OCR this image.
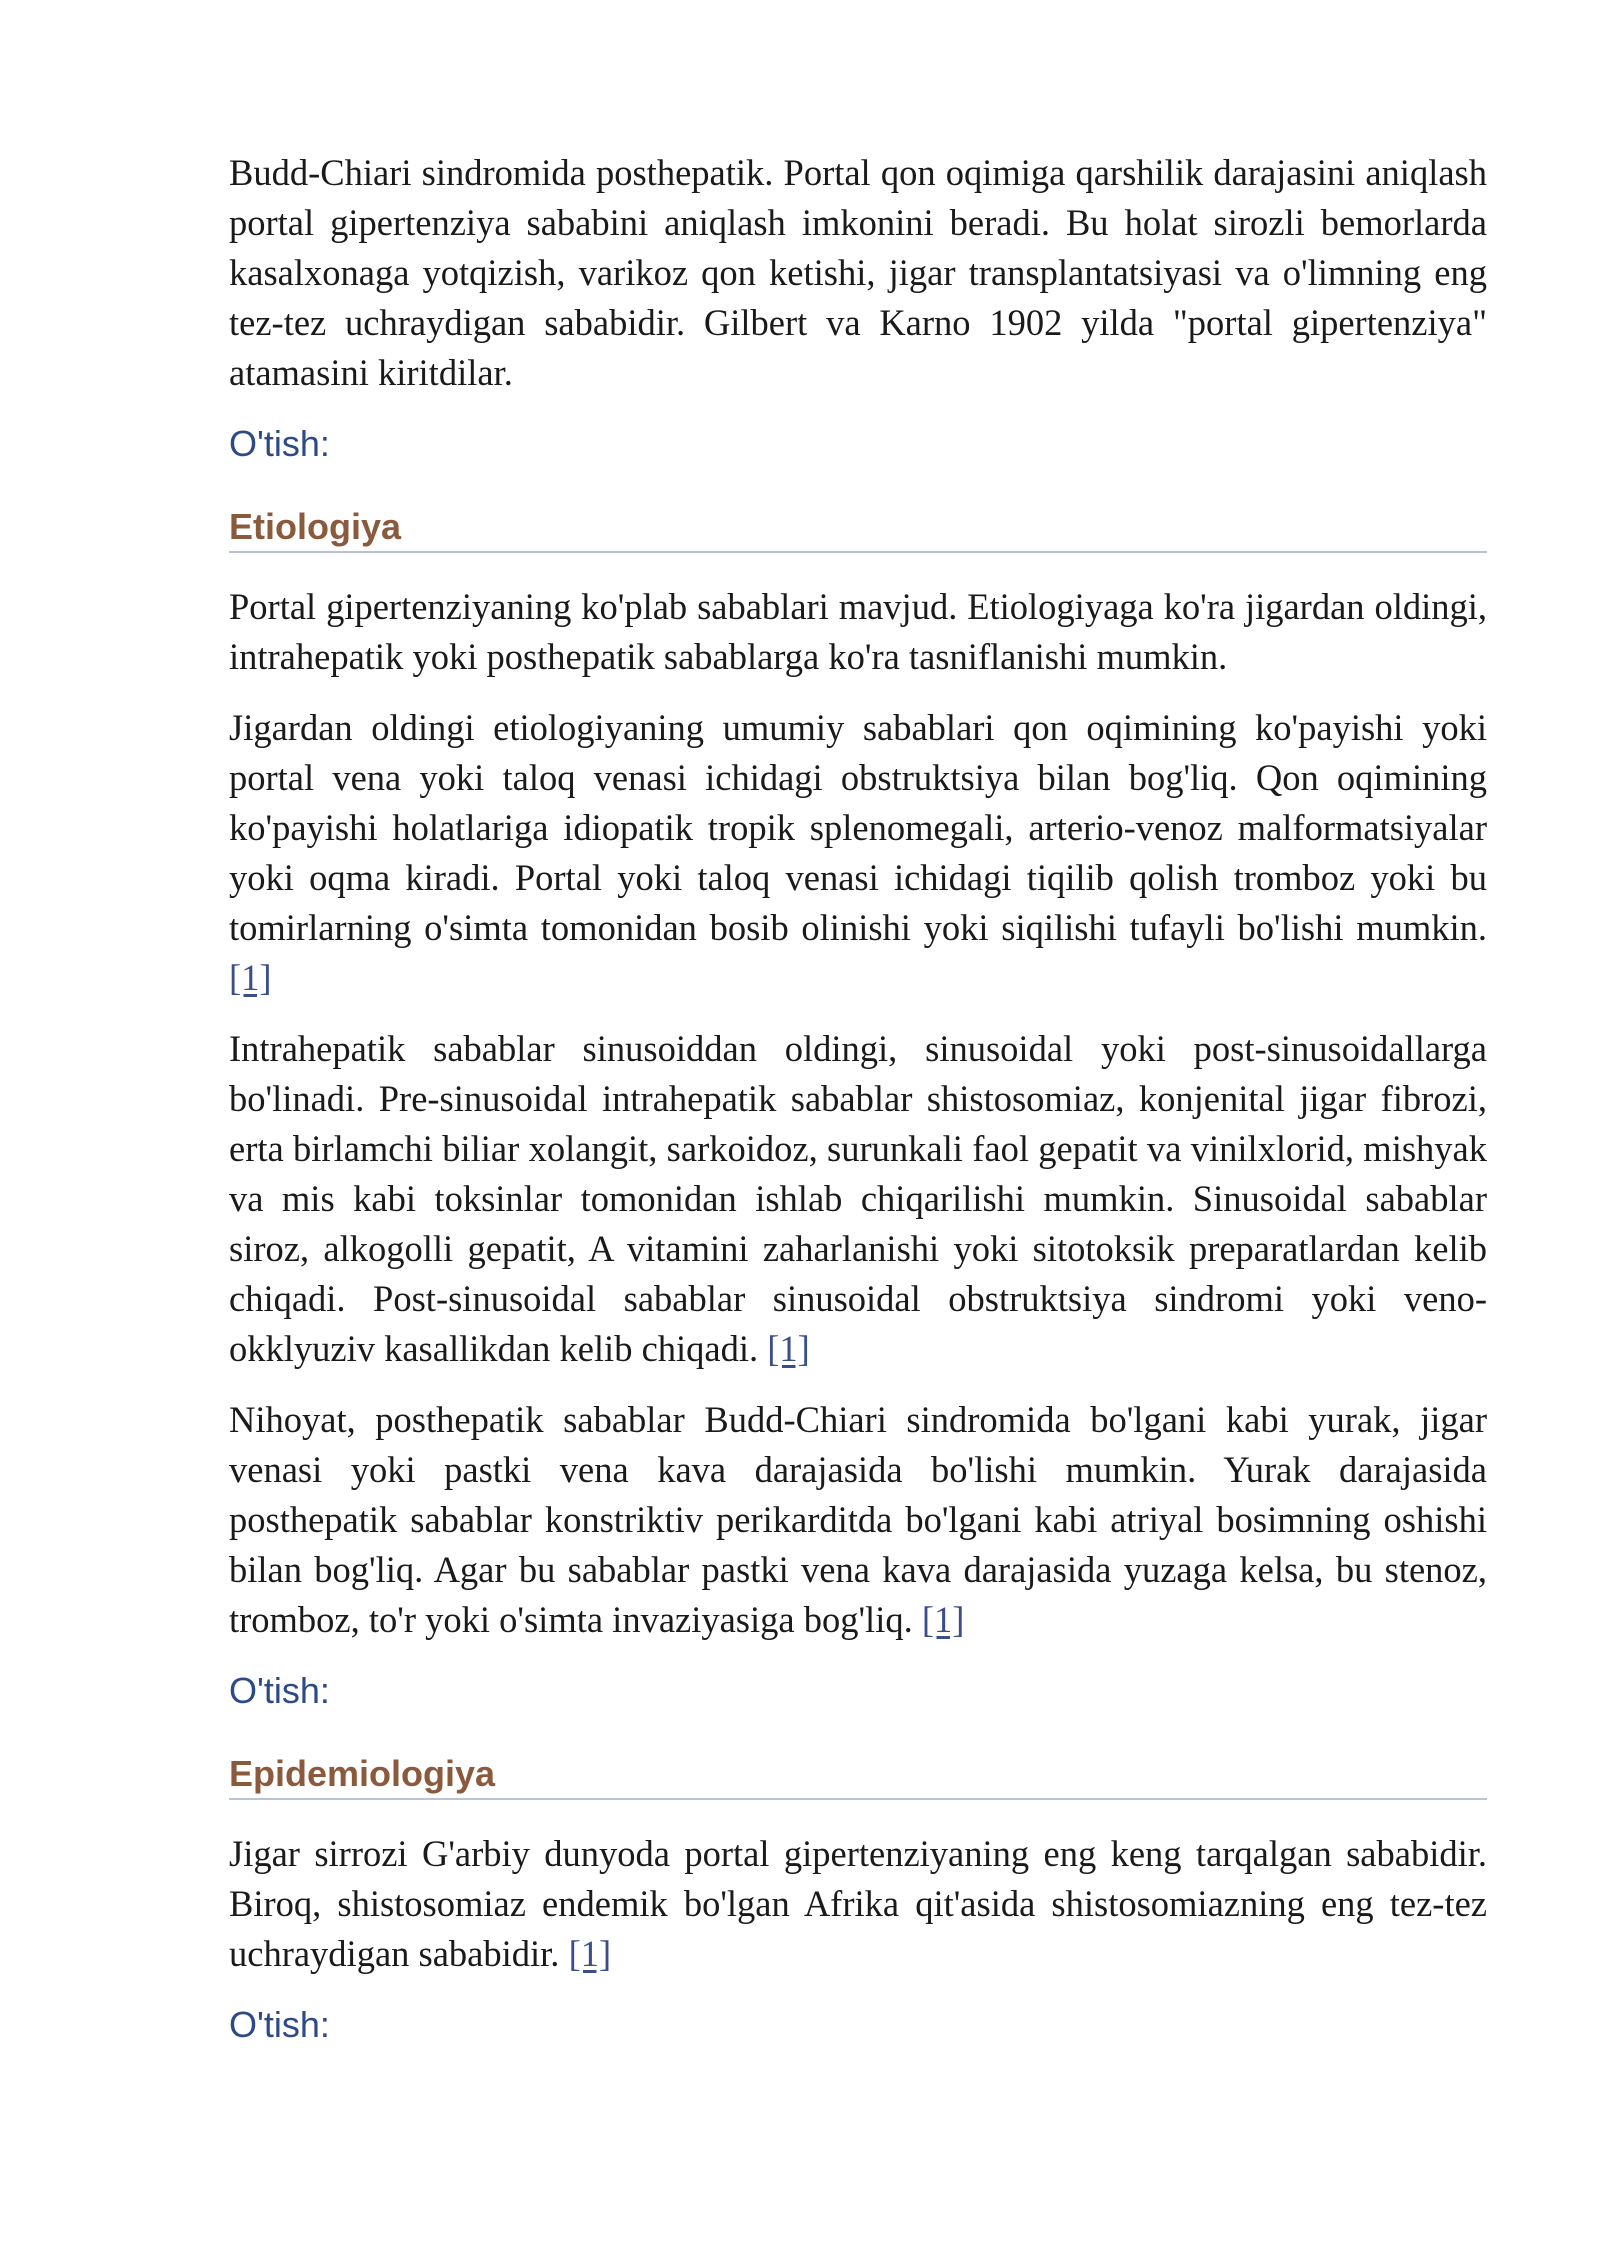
Budd-Chiari sindromida posthepatik. Portal qon oqimiga qarshilik darajasini aniqlash portal gipertenziya sababini aniqlash imkonini beradi. Bu holat sirozli bemorlarda kasalxonaga yotqizish, varikoz qon ketishi, jigar transplantatsiyasi va o'limning eng tez-tez uchraydigan sababidir. Gilbert va Karno 1902 yilda "portal gipertenziya" atamasini kiritdilar.

O'tish:
Etiologiya

Portal gipertenziyaning ko'plab sabablari mavjud. Etiologiyaga ko'ra jigardan oldingi, intrahepatik yoki posthepatik sabablarga ko'ra tasniflanishi mumkin.

Jigardan oldingi etiologiyaning umumiy sabablari qon oqimining ko'payishi yoki portal vena yoki taloq venasi ichidagi obstruktsiya bilan bog'liq. Qon oqimining ko'payishi holatlariga idiopatik tropik splenomegali, arterio-venoz malformatsiyalar yoki oqma kiradi. Portal yoki taloq venasi ichidagi tiqilib qolish tromboz yoki bu tomirlarning o'simta tomonidan bosib olinishi yoki siqilishi tufayli bo'lishi mumkin. [1]

Intrahepatik sabablar sinusoiddan oldingi, sinusoidal yoki post-sinusoidallarga bo'linadi. Pre-sinusoidal intrahepatik sabablar shistosomiaz, konjenital jigar fibrozi, erta birlamchi biliar xolangit, sarkoidoz, surunkali faol gepatit va vinilxlorid, mishyak va mis kabi toksinlar tomonidan ishlab chiqarilishi mumkin. Sinusoidal sabablar siroz, alkogolli gepatit, A vitamini zaharlanishi yoki sitotoksik preparatlardan kelib chiqadi. Post-sinusoidal sabablar sinusoidal obstruktsiya sindromi yoki veno-okklyuziv kasallikdan kelib chiqadi. [1]

Nihoyat, posthepatik sabablar Budd-Chiari sindromida bo'lgani kabi yurak, jigar venasi yoki pastki vena kava darajasida bo'lishi mumkin. Yurak darajasida posthepatik sabablar konstriktiv perikarditda bo'lgani kabi atriyal bosimning oshishi bilan bog'liq. Agar bu sabablar pastki vena kava darajasida yuzaga kelsa, bu stenoz, tromboz, to'r yoki o'simta invaziyasiga bog'liq. [1]

O'tish:
Epidemiologiya

Jigar sirrozi G'arbiy dunyoda portal gipertenziyaning eng keng tarqalgan sababidir. Biroq, shistosomiaz endemik bo'lgan Afrika qit'asida shistosomiazning eng tez-tez uchraydigan sababidir. [1]

O'tish:
